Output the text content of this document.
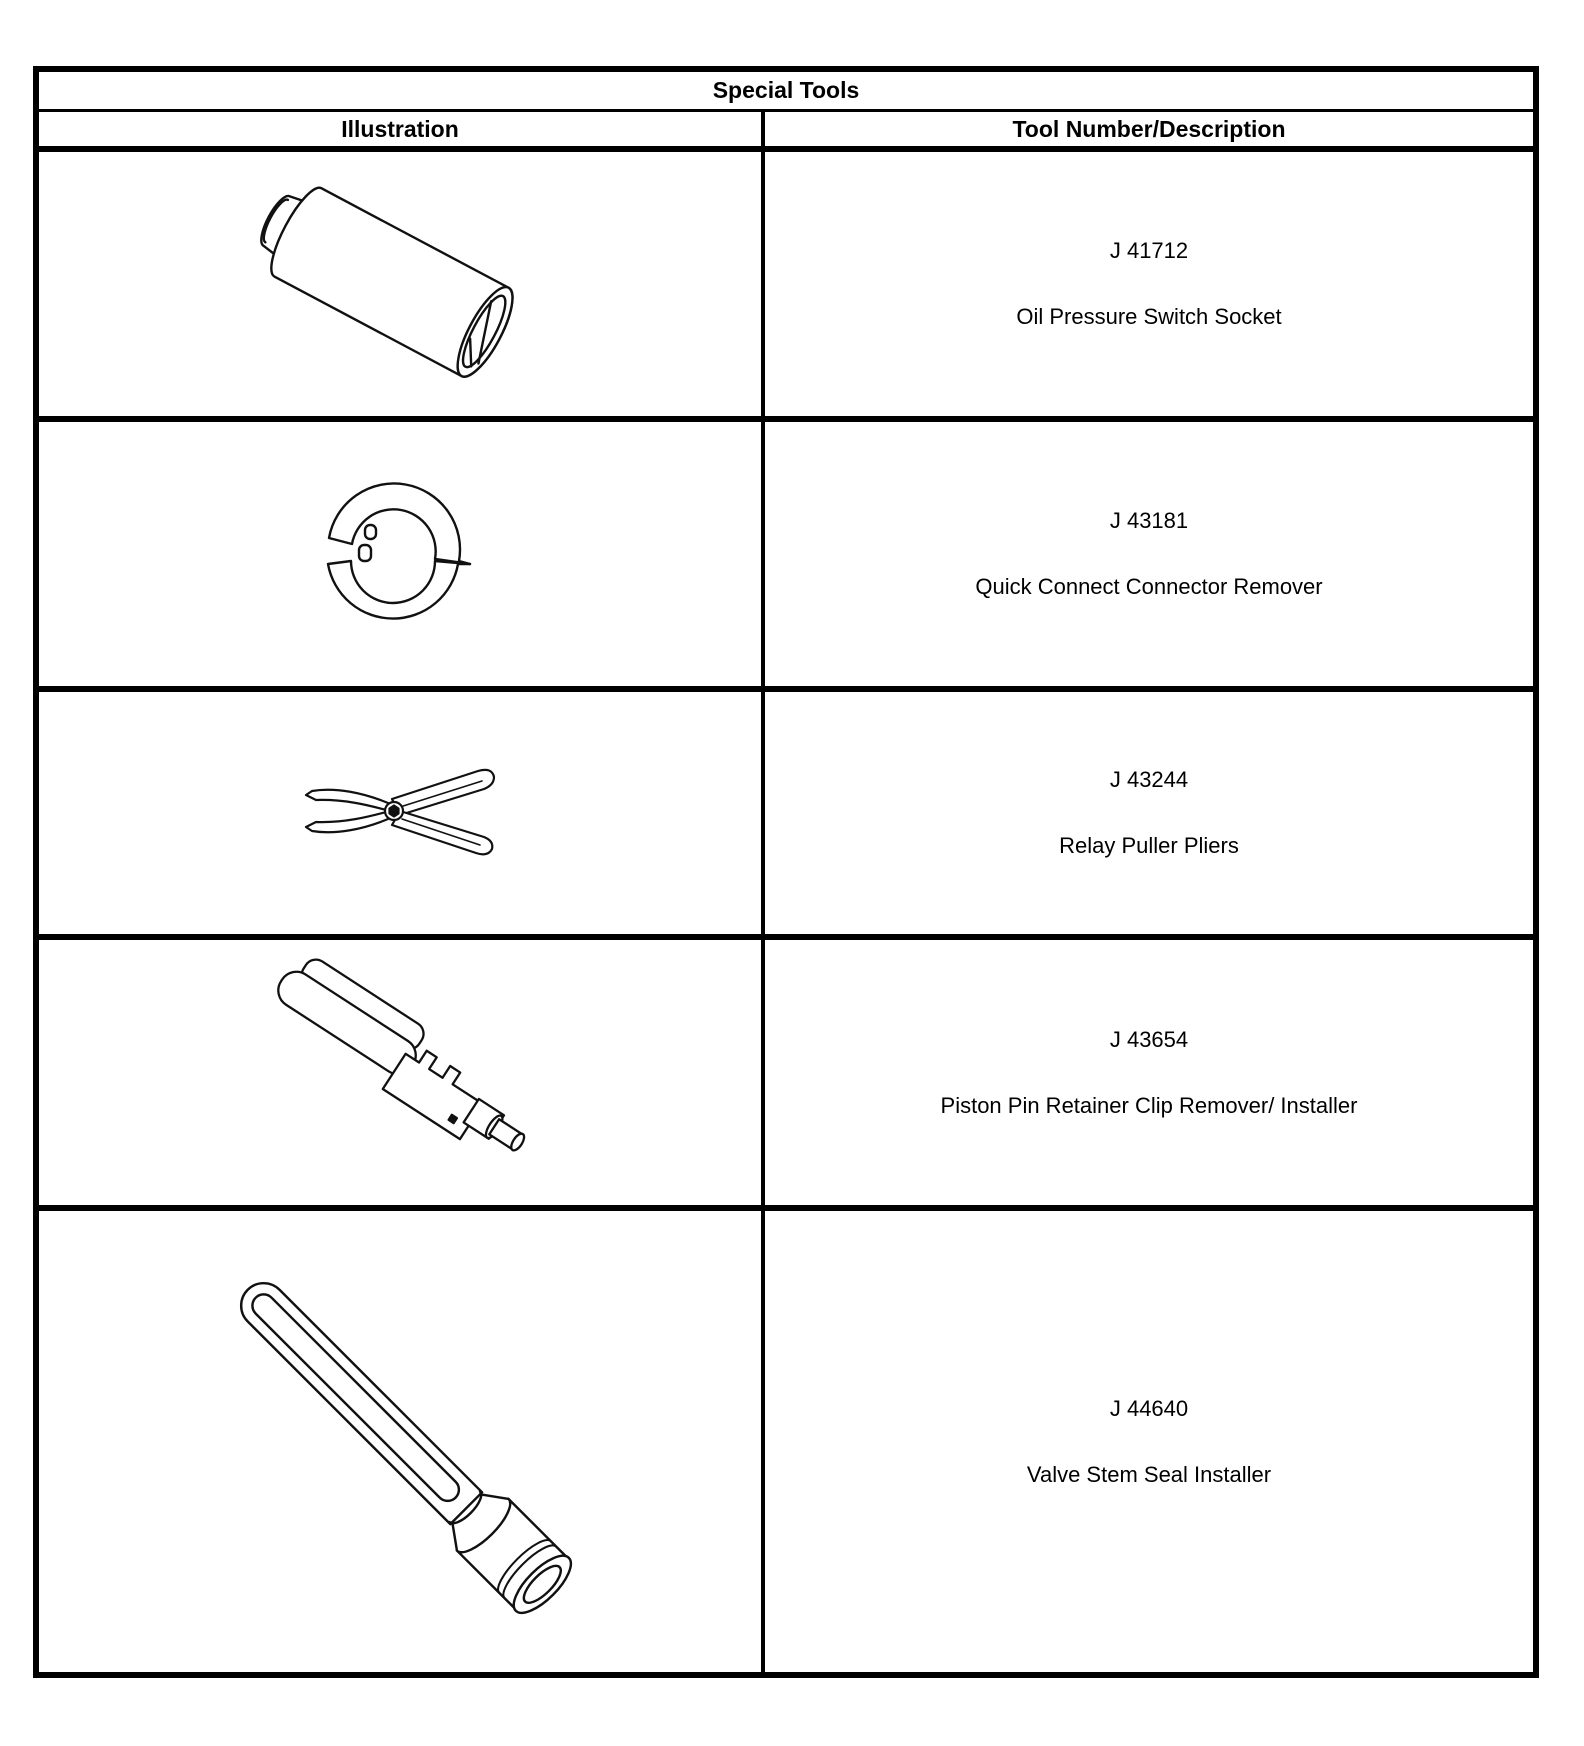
Special Tools
Illustration	Tool Number/Description
J 41712
Oil Pressure Switch Socket
J 43181
Quick Connect Connector Remover
J 43244
Relay Puller Pliers
J 43654
Piston Pin Retainer Clip Remover/ Installer
J 44640
Valve Stem Seal Installer
